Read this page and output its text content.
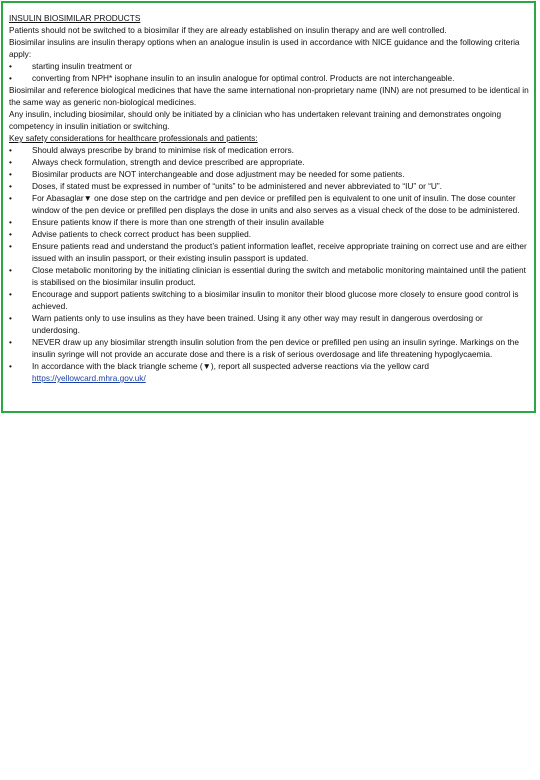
INSULIN BIOSIMILAR PRODUCTS

Patients should not be switched to a biosimilar if they are already established on insulin therapy and are well controlled.

Biosimilar insulins are insulin therapy options when an analogue insulin is used in accordance with NICE guidance and the following criteria apply:

• starting insulin treatment or
• converting from NPH* isophane insulin to an insulin analogue for optimal control. Products are not interchangeable.

Biosimilar and reference biological medicines that have the same international non-proprietary name (INN) are not presumed to be identical in the same way as generic non-biological medicines.

Any insulin, including biosimilar, should only be initiated by a clinician who has undertaken relevant training and demonstrates ongoing competency in insulin initiation or switching.

Key safety considerations for healthcare professionals and patients:

• Should always prescribe by brand to minimise risk of medication errors.
• Always check formulation, strength and device prescribed are appropriate.
• Biosimilar products are NOT interchangeable and dose adjustment may be needed for some patients.
• Doses, if stated must be expressed in number of “units” to be administered and never abbreviated to “IU” or “U”.
• For Abasaglar▼ one dose step on the cartridge and pen device or prefilled pen is equivalent to one unit of insulin. The dose counter window of the pen device or prefilled pen displays the dose in units and also serves as a visual check of the dose to be administered.
• Ensure patients know if there is more than one strength of their insulin available
• Advise patients to check correct product has been supplied.
• Ensure patients read and understand the product’s patient information leaflet, receive appropriate training on correct use and are either issued with an insulin passport, or their existing insulin passport is updated.
• Close metabolic monitoring by the initiating clinician is essential during the switch and metabolic monitoring maintained until the patient is stabilised on the biosimilar insulin product.
• Encourage and support patients switching to a biosimilar insulin to monitor their blood glucose more closely to ensure good control is achieved.
• Warn patients only to use insulins as they have been trained. Using it any other way may result in dangerous overdosing or underdosing.
• NEVER draw up any biosimilar strength insulin solution from the pen device or prefilled pen using an insulin syringe. Markings on the insulin syringe will not provide an accurate dose and there is a risk of serious overdosage and life threatening hypoglycaemia.
• In accordance with the black triangle scheme (▼), report all suspected adverse reactions via the yellow card
https://yellowcard.mhra.gov.uk/
